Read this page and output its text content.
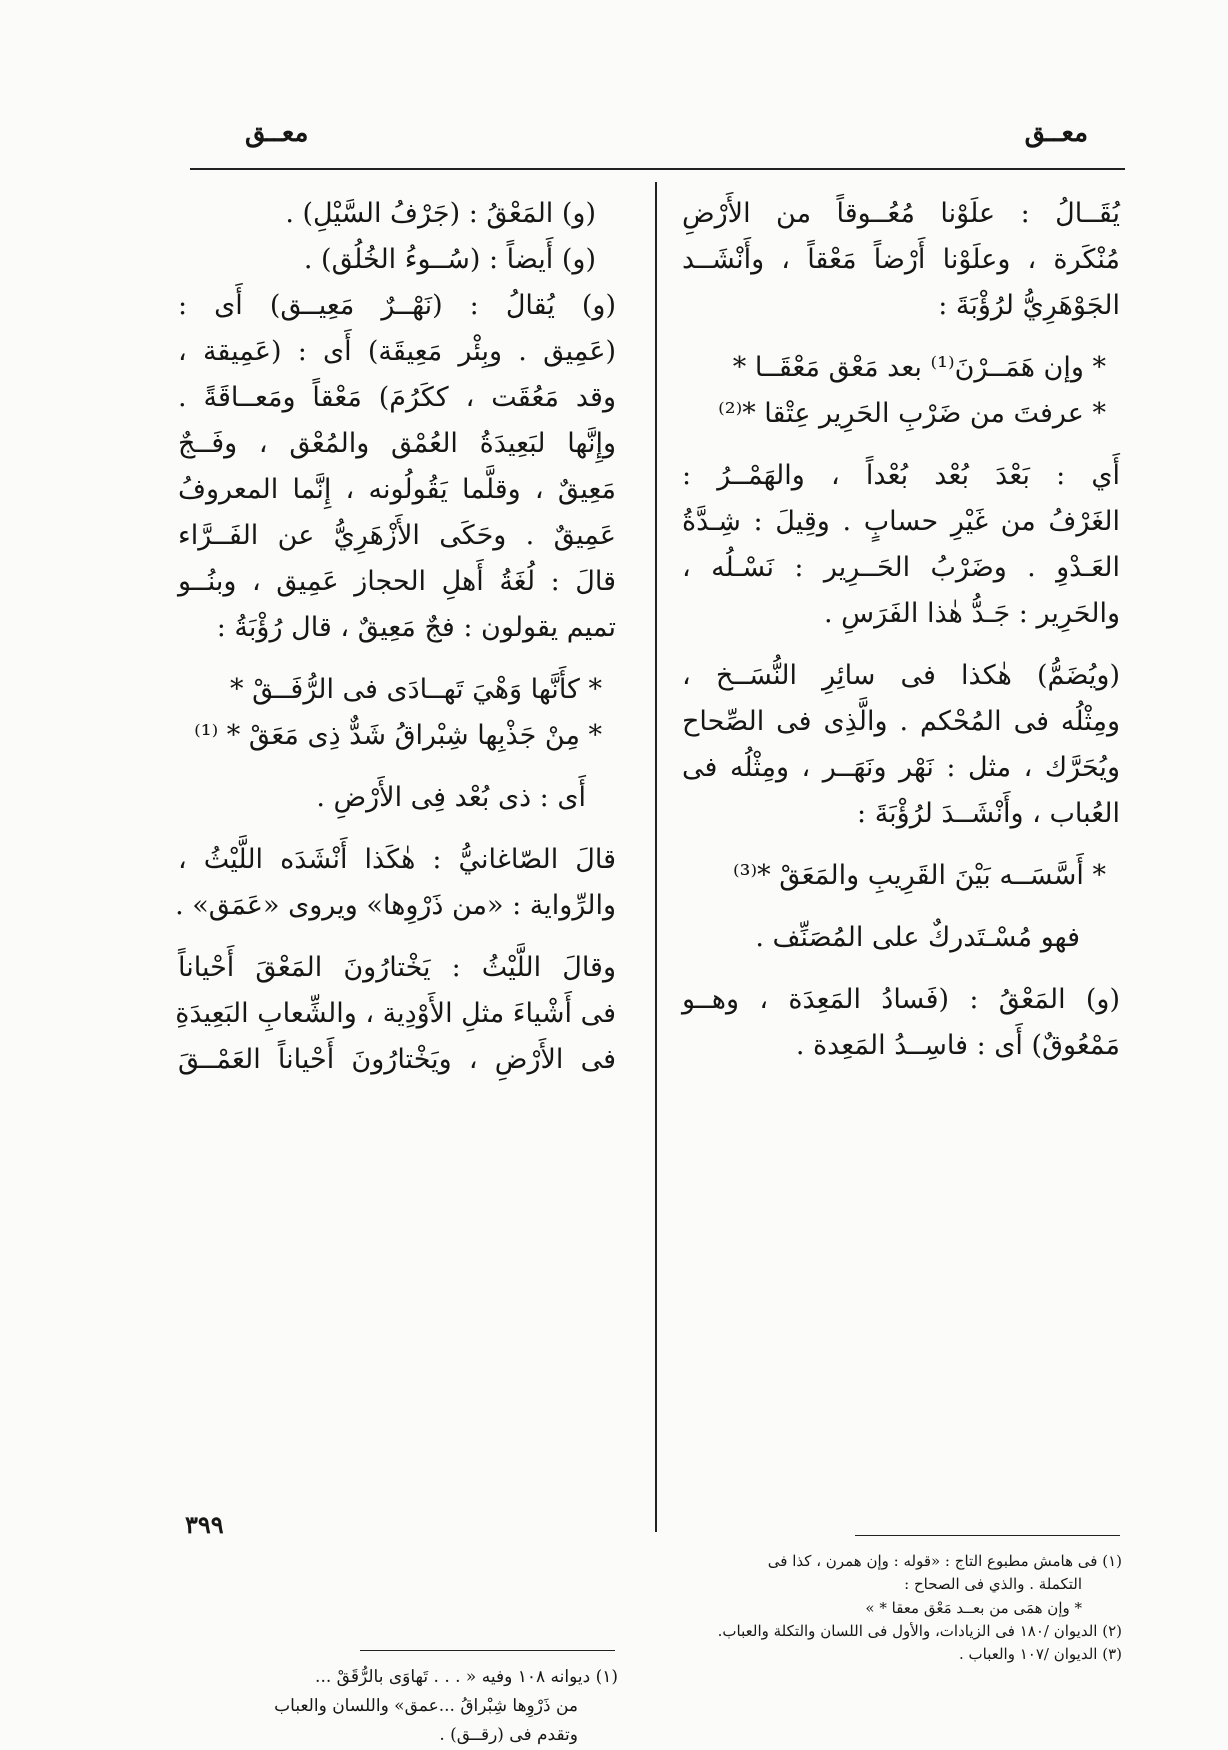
معــق
معــق
يُقَــالُ : علَوْنا مُعُــوقاً من الأَرْضِ
مُنْكَرة ، وعلَوْنا أَرْضاً مَعْقاً ، وأَنْشَــد
الجَوْهَرِيُّ لرُؤْبَةَ :
* وإن هَمَــرْنَ⁽¹⁾ بعد مَعْق مَعْقَــا *
* عرفتَ من ضَرْبِ الحَرِير عِتْقا *⁽²⁾
أَي : بَعْدَ بُعْد بُعْداً ، والهَمْــرُ :
الغَرْفُ من غَيْرِ حسابٍ . وقِيلَ : شِـدَّةُ
العَـدْوِ . وضَرْبُ الحَــرِير : نَسْـلُه ،
والحَرِير : جَـدُّ هٰذا الفَرَسِ .
(ويُضَمُّ) هٰكذا فى سائِرِ النُّسَــخ ،
ومِثْلُه فى المُحْكم . والَّذِى فى الصِّحاح
ويُحَرَّك ، مثل : نَهْر ونَهَــر ، ومِثْلُه فى
العُباب ، وأَنْشَــدَ لرُؤْبَةَ :
* أَسَّسَــه بَيْنَ القَرِيبِ والمَعَقْ *⁽³⁾
فهو مُسْـتَدركٌ على المُصَنِّف .
(و) المَعْقُ : (فَسادُ المَعِدَة ، وهــو
مَمْعُوقٌ) أَى : فاسِــدُ المَعِدة .
(و) المَعْقُ : (جَرْفُ السَّيْلِ) .
(و) أَيضاً : (سُــوءُ الخُلُق) .
(و) يُقالُ : (نَهْــرٌ مَعِيــق) أَى :
(عَمِيق . وبِئْر مَعِيقَة) أَى : (عَمِيقة ،
وقد مَعُقَت ، ككَرُمَ) مَعْقاً ومَعــاقَةً .
وإِنَّها لبَعِيدَةُ العُمْق والمُعْق ، وفَــجٌ
مَعِيقٌ ، وقلَّما يَقُولُونه ، إِنَّما المعروفُ
عَمِيقٌ . وحَكَى الأَزْهَرِيُّ عن الفَــرَّاء
قالَ : لُغَةُ أَهلِ الحجاز عَمِيق ، وبنُــو
تميم يقولون : فجٌ مَعِيقٌ ، قال رُؤْبَةُ :
* كأَنَّها وَهْيَ تَهــادَى فى الرُّفَــقْ *
* مِنْ جَذْبِها شِبْراقُ شَدٌّ ذِى مَعَقْ * ⁽¹⁾
أَى : ذى بُعْد فِى الأَرْضِ .
قالَ الصّاغانيُّ : هٰكَذا أَنْشَدَه اللَّيْثُ ،
والرِّواية : «من ذَرْوِها» ويروى «عَمَق» .
وقالَ اللَّيْثُ : يَخْتارُونَ المَعْقَ أَحْياناً
فى أَشْياءَ مثلِ الأَوْدِية ، والشِّعابِ البَعِيدَةِ
فى الأَرْضِ ، ويَخْتارُونَ أَحْياناً العَمْــقَ
(١) فى هامش مطبوع التاج : «قوله : وإن همرن ، كذا فى
التكملة . والذي فى الصحاح :
* وإن همَى من بعــد مَعْق معقا * »
(٢) الديوان /١٨٠ فى الزيادات، والأول فى اللسان والتكلة والعباب.
(٣) الديوان /١٠٧ والعباب .
(١) ديوانه ١٠٨ وفيه « . . . تَهاوَى بالرُّقَقْ ...
من ذَرْوِها شِبْراقُ ...عمق» واللسان والعباب
وتقدم فى (رقــق) .
٣٩٩
